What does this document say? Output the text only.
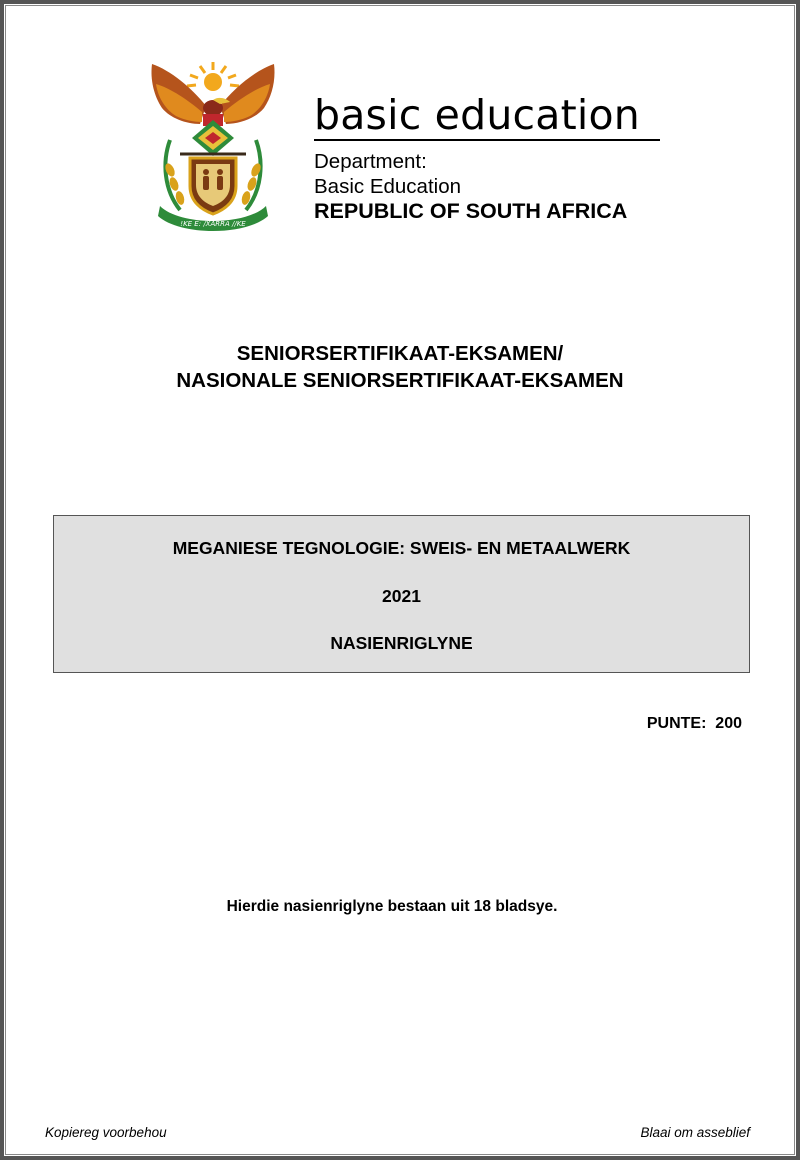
!KE E: /XARRA //KE
basic education
Department:
Basic Education
REPUBLIC OF SOUTH AFRICA
SENIORSERTIFIKAAT-EKSAMEN/
NASIONALE SENIORSERTIFIKAAT-EKSAMEN
MEGANIESE TEGNOLOGIE: SWEIS- EN METAALWERK
2021
NASIENRIGLYNE
PUNTE:  200
Hierdie nasienriglyne bestaan uit 18 bladsye.
Kopiereg voorbehou	Blaai om asseblief
